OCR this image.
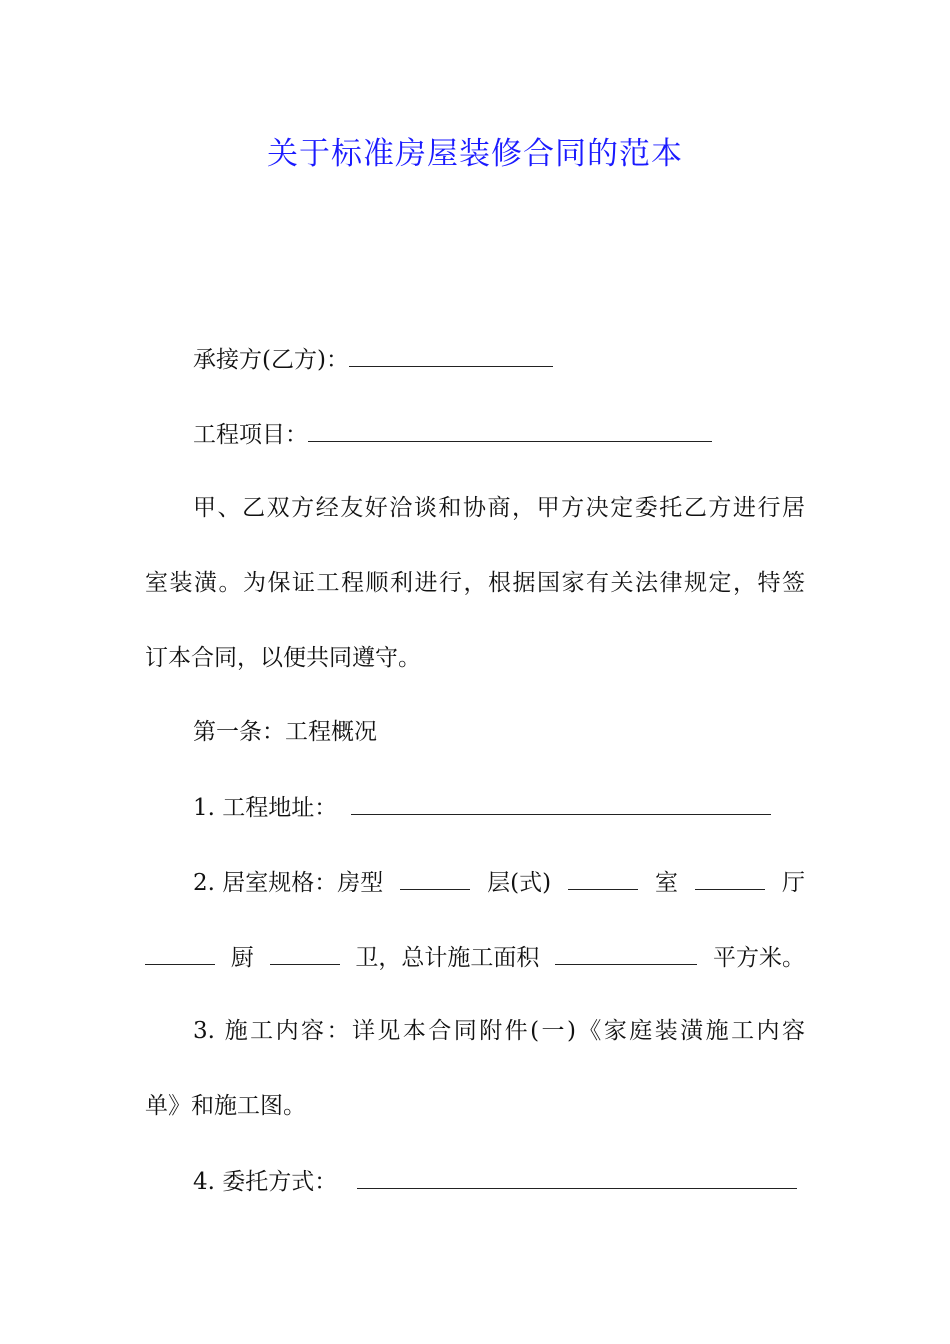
关于标准房屋装修合同的范本
承接方(乙方)：
工程项目：
甲、乙双方经友好洽谈和协商，甲方决定委托乙方进行居
室装潢。为保证工程顺利进行，根据国家有关法律规定，特签
订本合同，以便共同遵守。
第一条：工程概况
1. 工程地址：
2. 居室规格：房型	层(式)	室	厅
厨	卫，总计施工面积	平方米。
3. 施工内容：详见本合同附件(一)《家庭装潢施工内容
单》和施工图。
4. 委托方式：
